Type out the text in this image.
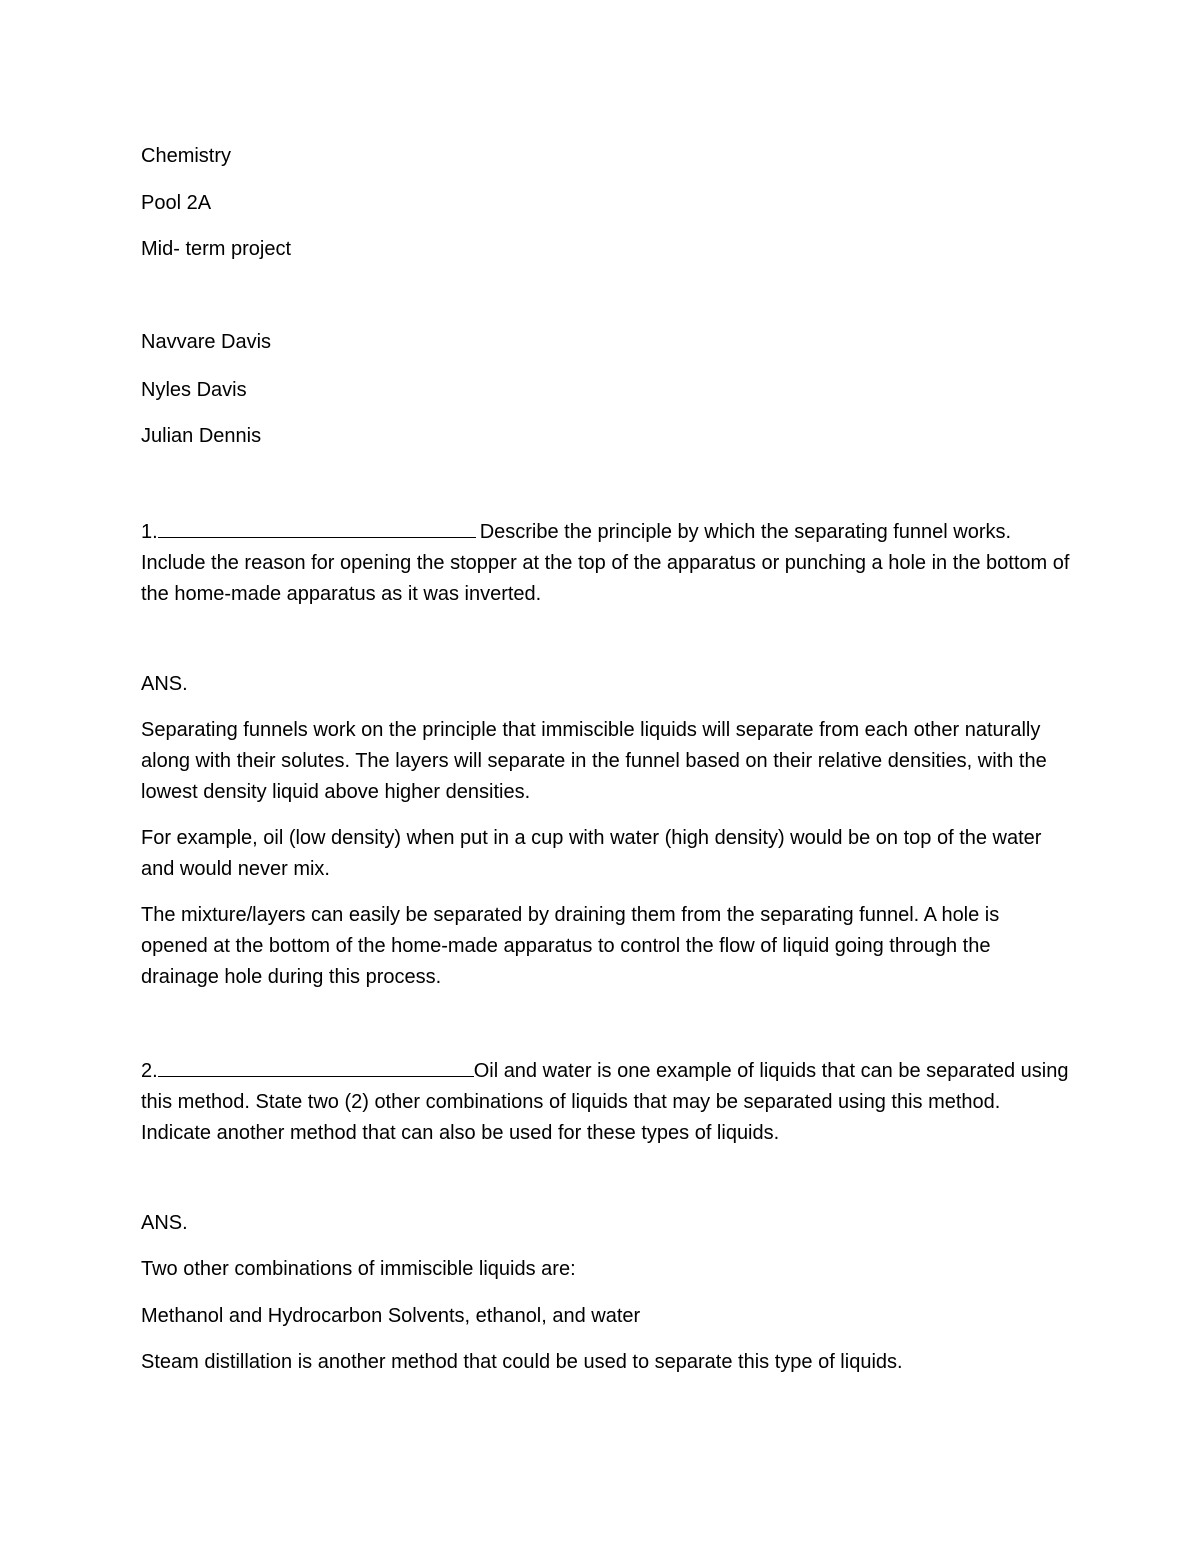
Chemistry
Pool 2A
Mid- term project
Navvare Davis
Nyles Davis
Julian Dennis
1.	Describe the principle by which the separating funnel works. Include the reason for opening the stopper at the top of the apparatus or punching a hole in the bottom of the home-made apparatus as it was inverted.
ANS.
Separating funnels work on the principle that immiscible liquids will separate from each other naturally along with their solutes. The layers will separate in the funnel based on their relative densities, with the lowest density liquid above higher densities.
For example, oil (low density) when put in a cup with water (high density) would be on top of the water and would never mix.
The mixture/layers can easily be separated by draining them from the separating funnel. A hole is opened at the bottom of the home-made apparatus to control the flow of liquid going through the drainage hole during this process.
2.	Oil and water is one example of liquids that can be separated using this method. State two (2) other combinations of liquids that may be separated using this method. Indicate another method that can also be used for these types of liquids.
ANS.
Two other combinations of immiscible liquids are:
Methanol and Hydrocarbon Solvents, ethanol, and water
Steam distillation is another method that could be used to separate this type of liquids.
